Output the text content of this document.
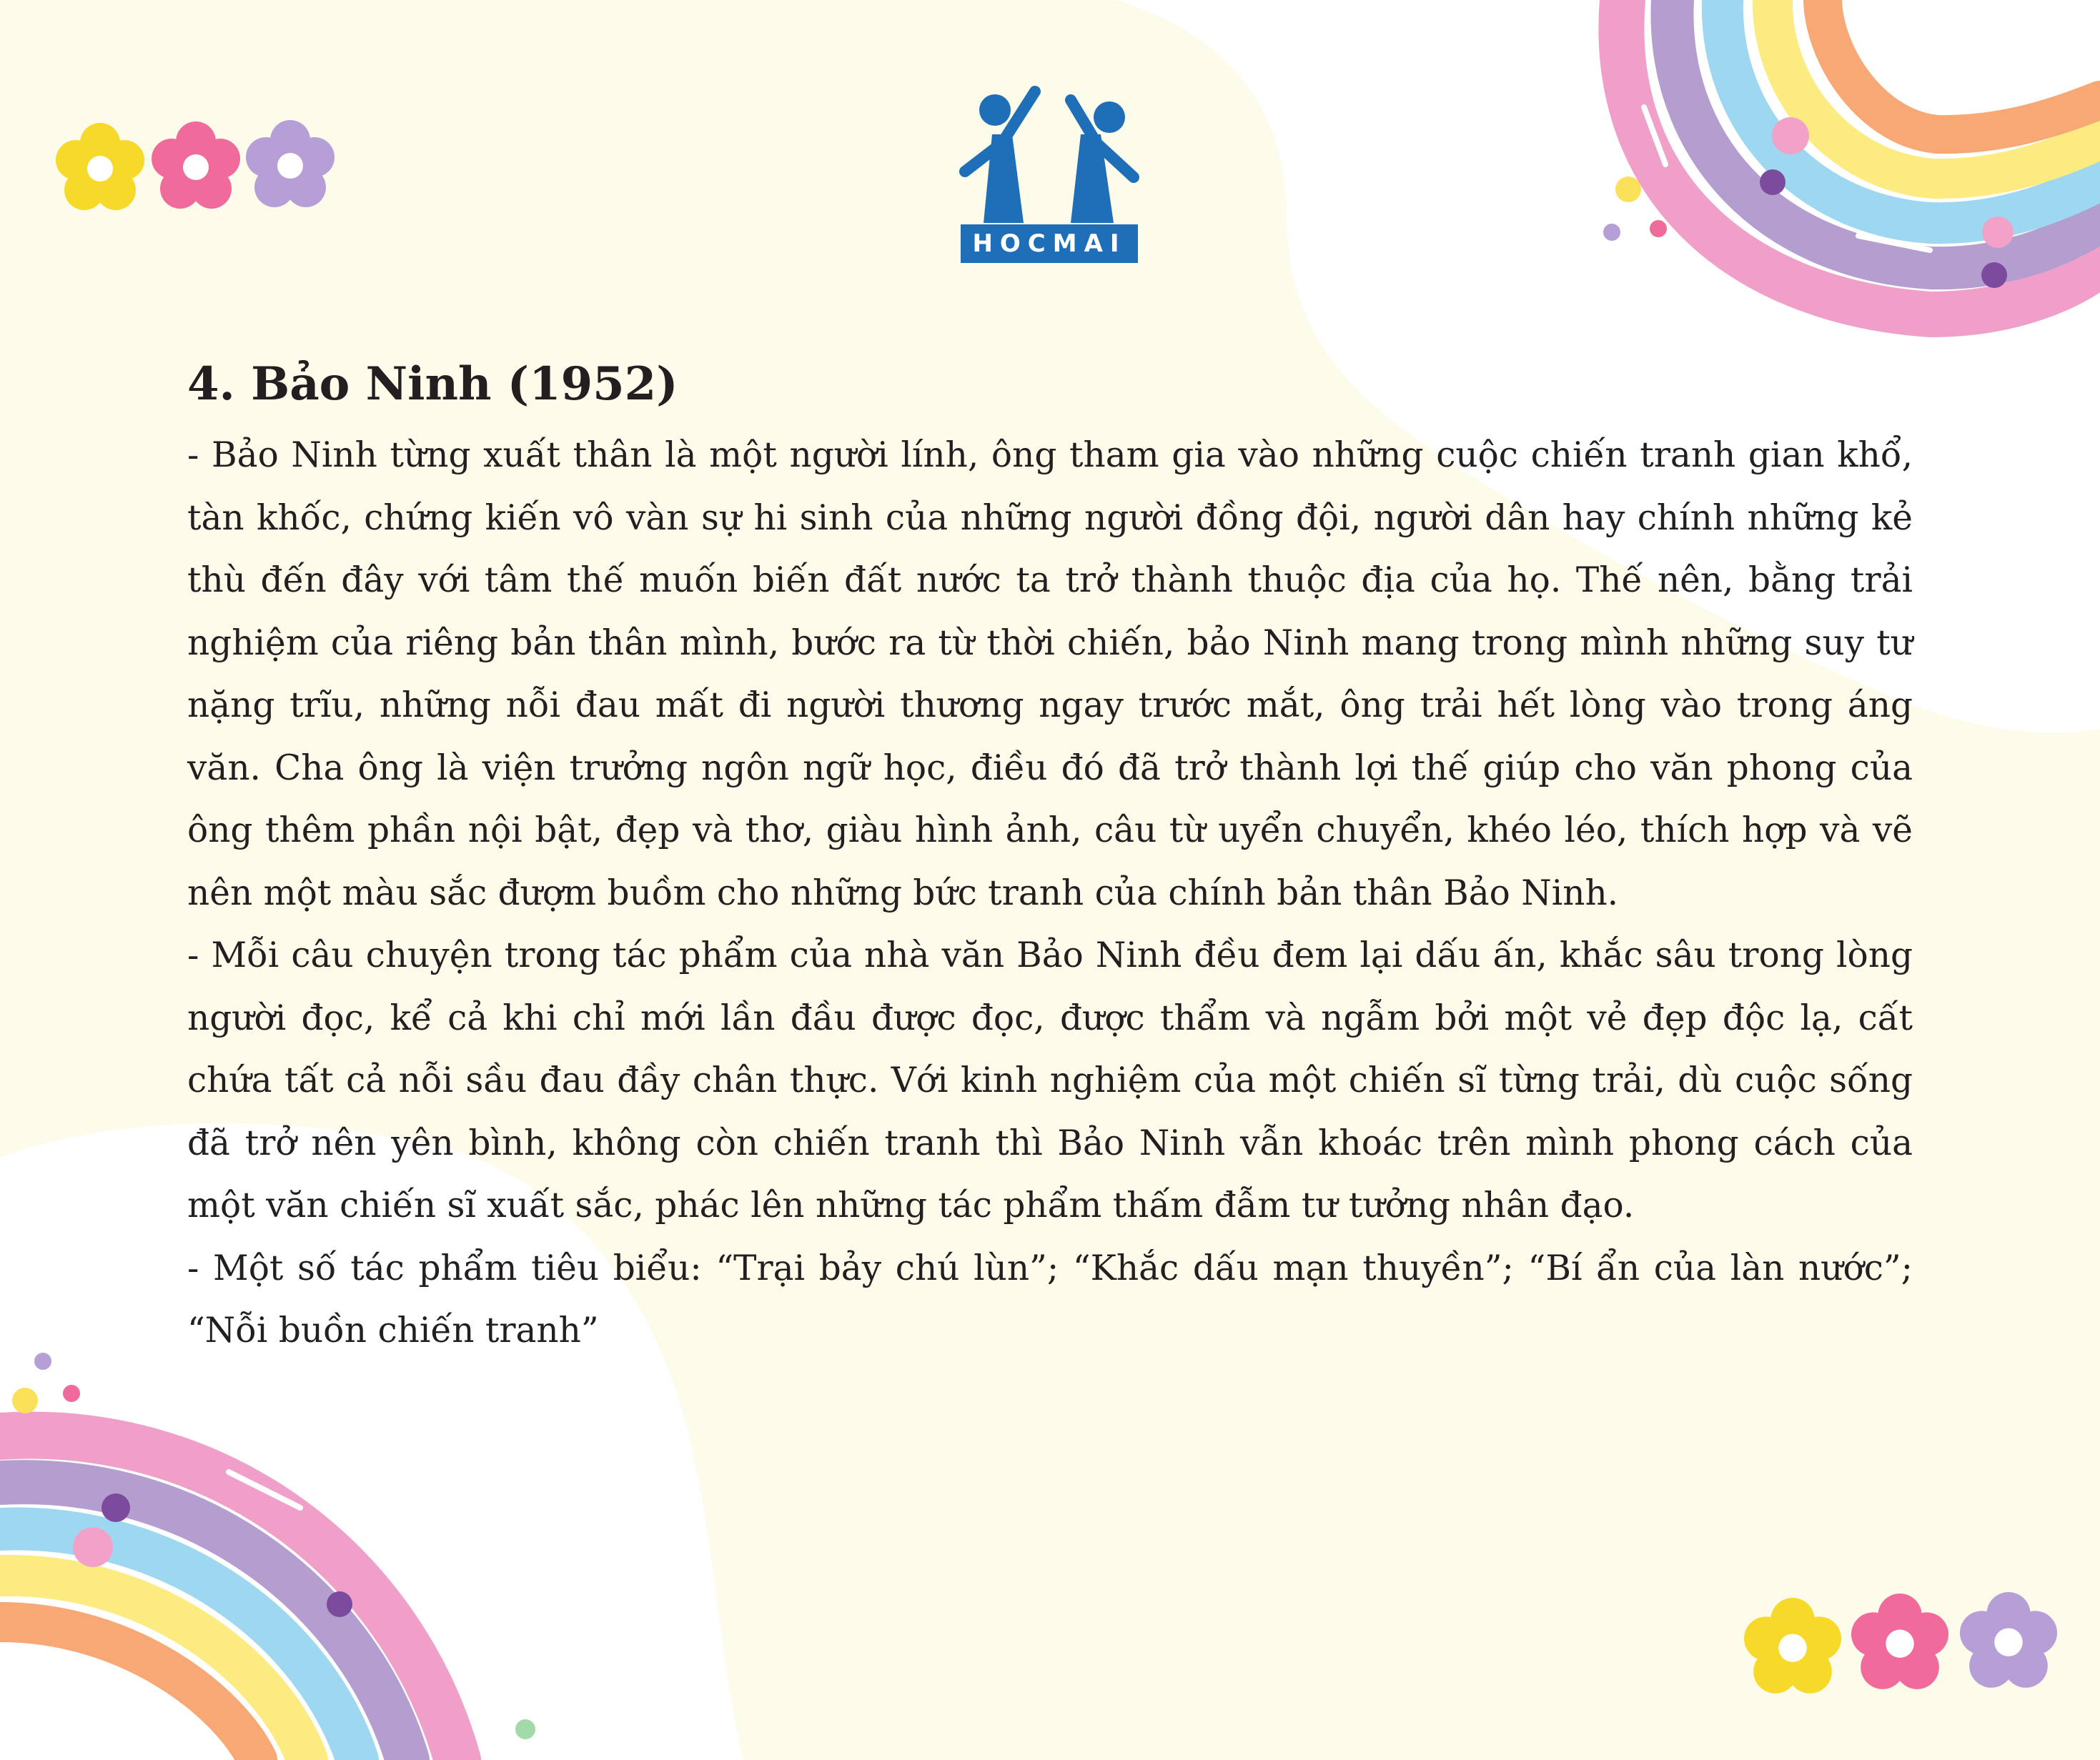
HOCMAI
4. Bảo Ninh (1952)

- Bảo Ninh từng xuất thân là một người lính, ông tham gia vào những cuộc chiến tranh gian khổ, tàn khốc, chứng kiến vô vàn sự hi sinh của những người đồng đội, người dân hay chính những kẻ thù đến đây với tâm thế muốn biến đất nước ta trở thành thuộc địa của họ. Thế nên, bằng trải nghiệm của riêng bản thân mình, bước ra từ thời chiến, bảo Ninh mang trong mình những suy tư nặng trĩu, những nỗi đau mất đi người thương ngay trước mắt, ông trải hết lòng vào trong áng văn. Cha ông là viện trưởng ngôn ngữ học, điều đó đã trở thành lợi thế giúp cho văn phong của ông thêm phần nội bật, đẹp và thơ, giàu hình ảnh, câu từ uyển chuyển, khéo léo, thích hợp và vẽ nên một màu sắc đượm buồm cho những bức tranh của chính bản thân Bảo Ninh.

- Mỗi câu chuyện trong tác phẩm của nhà văn Bảo Ninh đều đem lại dấu ấn, khắc sâu trong lòng người đọc, kể cả khi chỉ mới lần đầu được đọc, được thẩm và ngẫm bởi một vẻ đẹp độc lạ, cất chứa tất cả nỗi sầu đau đầy chân thực. Với kinh nghiệm của một chiến sĩ từng trải, dù cuộc sống đã trở nên yên bình, không còn chiến tranh thì Bảo Ninh vẫn khoác trên mình phong cách của một văn chiến sĩ xuất sắc, phác lên những tác phẩm thấm đẫm tư tưởng nhân đạo.

- Một số tác phẩm tiêu biểu: “Trại bảy chú lùn”; “Khắc dấu mạn thuyền”; “Bí ẩn của làn nước”; “Nỗi buồn chiến tranh”
